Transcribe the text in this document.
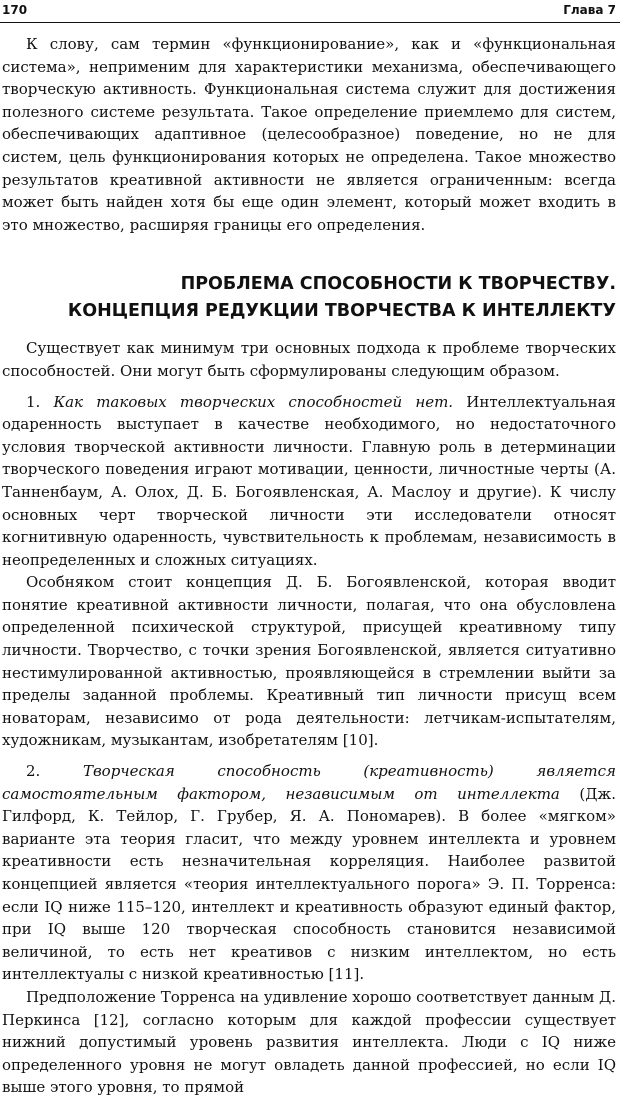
170	Глава 7

К слову, сам термин «функционирование», как и «функциональная система», неприменим для характеристики механизма, обеспечивающего творческую активность. Функциональная система служит для достижения полезного системе результата. Такое определение приемлемо для систем, обеспечивающих адаптивное (целесообразное) поведение, но не для систем, цель функционирования которых не определена. Такое множество результатов креативной активности не является ограниченным: всегда может быть найден хотя бы еще один элемент, который может входить в это множество, расширяя границы его определения.

ПРОБЛЕМА СПОСОБНОСТИ К ТВОРЧЕСТВУ.
КОНЦЕПЦИЯ РЕДУКЦИИ ТВОРЧЕСТВА К ИНТЕЛЛЕКТУ

Существует как минимум три основных подхода к проблеме творческих способностей. Они могут быть сформулированы следующим образом.

1. Как таковых творческих способностей нет. Интеллектуальная одаренность выступает в качестве необходимого, но недостаточного условия творческой активности личности. Главную роль в детерминации творческого поведения играют мотивации, ценности, личностные черты (А. Танненбаум, А. Олох, Д. Б. Богоявленская, А. Маслоу и другие). К числу основных черт творческой личности эти исследователи относят когнитивную одаренность, чувствительность к проблемам, независимость в неопределенных и сложных ситуациях.

Особняком стоит концепция Д. Б. Богоявленской, которая вводит понятие креативной активности личности, полагая, что она обусловлена определенной психической структурой, присущей креативному типу личности. Творчество, с точки зрения Богоявленской, является ситуативно нестимулированной активностью, проявляющейся в стремлении выйти за пределы заданной проблемы. Креативный тип личности присущ всем новаторам, независимо от рода деятельности: летчикам-испытателям, художникам, музыкантам, изобретателям [10].

2. Творческая способность (креативность) является самостоятельным фактором, независимым от интеллекта (Дж. Гилфорд, К. Тейлор, Г. Грубер, Я. А. Пономарев). В более «мягком» варианте эта теория гласит, что между уровнем интеллекта и уровнем креативности есть незначительная корреляция. Наиболее развитой концепцией является «теория интеллектуального порога» Э. П. Торренса: если IQ ниже 115–120, интеллект и креативность образуют единый фактор, при IQ выше 120 творческая способность становится независимой величиной, то есть нет креативов с низким интеллектом, но есть интеллектуалы с низкой креативностью [11].

Предположение Торренса на удивление хорошо соответствует данным Д. Перкинса [12], согласно которым для каждой профессии существует нижний допустимый уровень развития интеллекта. Люди с IQ ниже определенного уровня не могут овладеть данной профессией, но если IQ выше этого уровня, то прямой
